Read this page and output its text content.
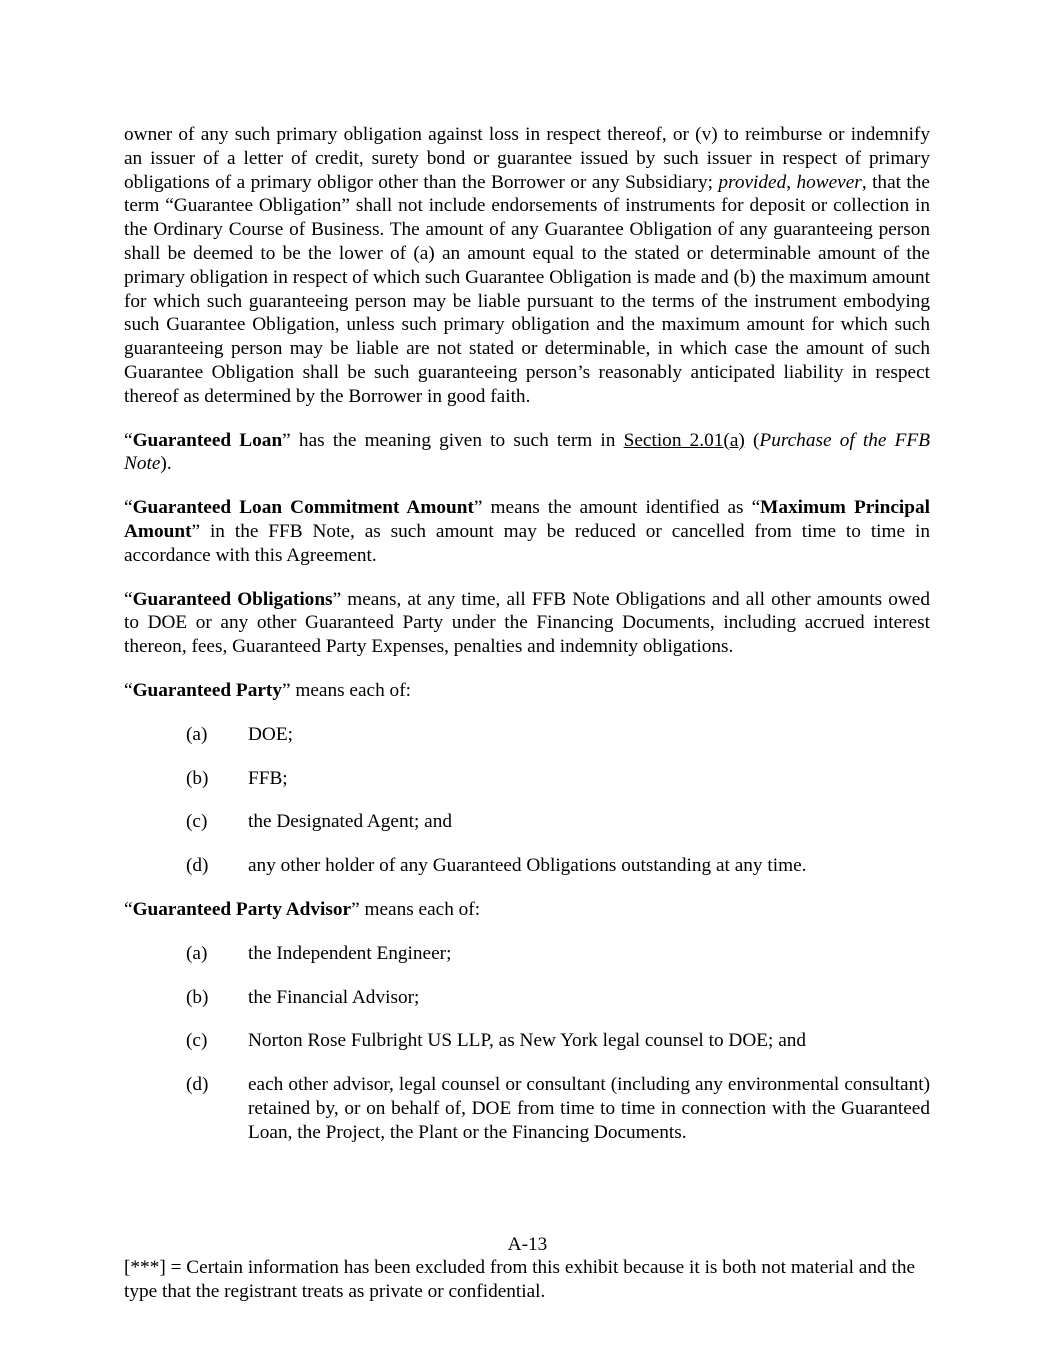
owner of any such primary obligation against loss in respect thereof, or (v) to reimburse or indemnify an issuer of a letter of credit, surety bond or guarantee issued by such issuer in respect of primary obligations of a primary obligor other than the Borrower or any Subsidiary; provided, however, that the term “Guarantee Obligation” shall not include endorsements of instruments for deposit or collection in the Ordinary Course of Business. The amount of any Guarantee Obligation of any guaranteeing person shall be deemed to be the lower of (a) an amount equal to the stated or determinable amount of the primary obligation in respect of which such Guarantee Obligation is made and (b) the maximum amount for which such guaranteeing person may be liable pursuant to the terms of the instrument embodying such Guarantee Obligation, unless such primary obligation and the maximum amount for which such guaranteeing person may be liable are not stated or determinable, in which case the amount of such Guarantee Obligation shall be such guaranteeing person’s reasonably anticipated liability in respect thereof as determined by the Borrower in good faith.

“Guaranteed Loan” has the meaning given to such term in Section 2.01(a) (Purchase of the FFB Note).

“Guaranteed Loan Commitment Amount” means the amount identified as “Maximum Principal Amount” in the FFB Note, as such amount may be reduced or cancelled from time to time in accordance with this Agreement.

“Guaranteed Obligations” means, at any time, all FFB Note Obligations and all other amounts owed to DOE or any other Guaranteed Party under the Financing Documents, including accrued interest thereon, fees, Guaranteed Party Expenses, penalties and indemnity obligations.

“Guaranteed Party” means each of:

(a) DOE;
(b) FFB;
(c) the Designated Agent; and
(d) any other holder of any Guaranteed Obligations outstanding at any time.

“Guaranteed Party Advisor” means each of:

(a) the Independent Engineer;
(b) the Financial Advisor;
(c) Norton Rose Fulbright US LLP, as New York legal counsel to DOE; and
(d) each other advisor, legal counsel or consultant (including any environmental consultant) retained by, or on behalf of, DOE from time to time in connection with the Guaranteed Loan, the Project, the Plant or the Financing Documents.
A-13
[***] = Certain information has been excluded from this exhibit because it is both not material and the type that the registrant treats as private or confidential.
